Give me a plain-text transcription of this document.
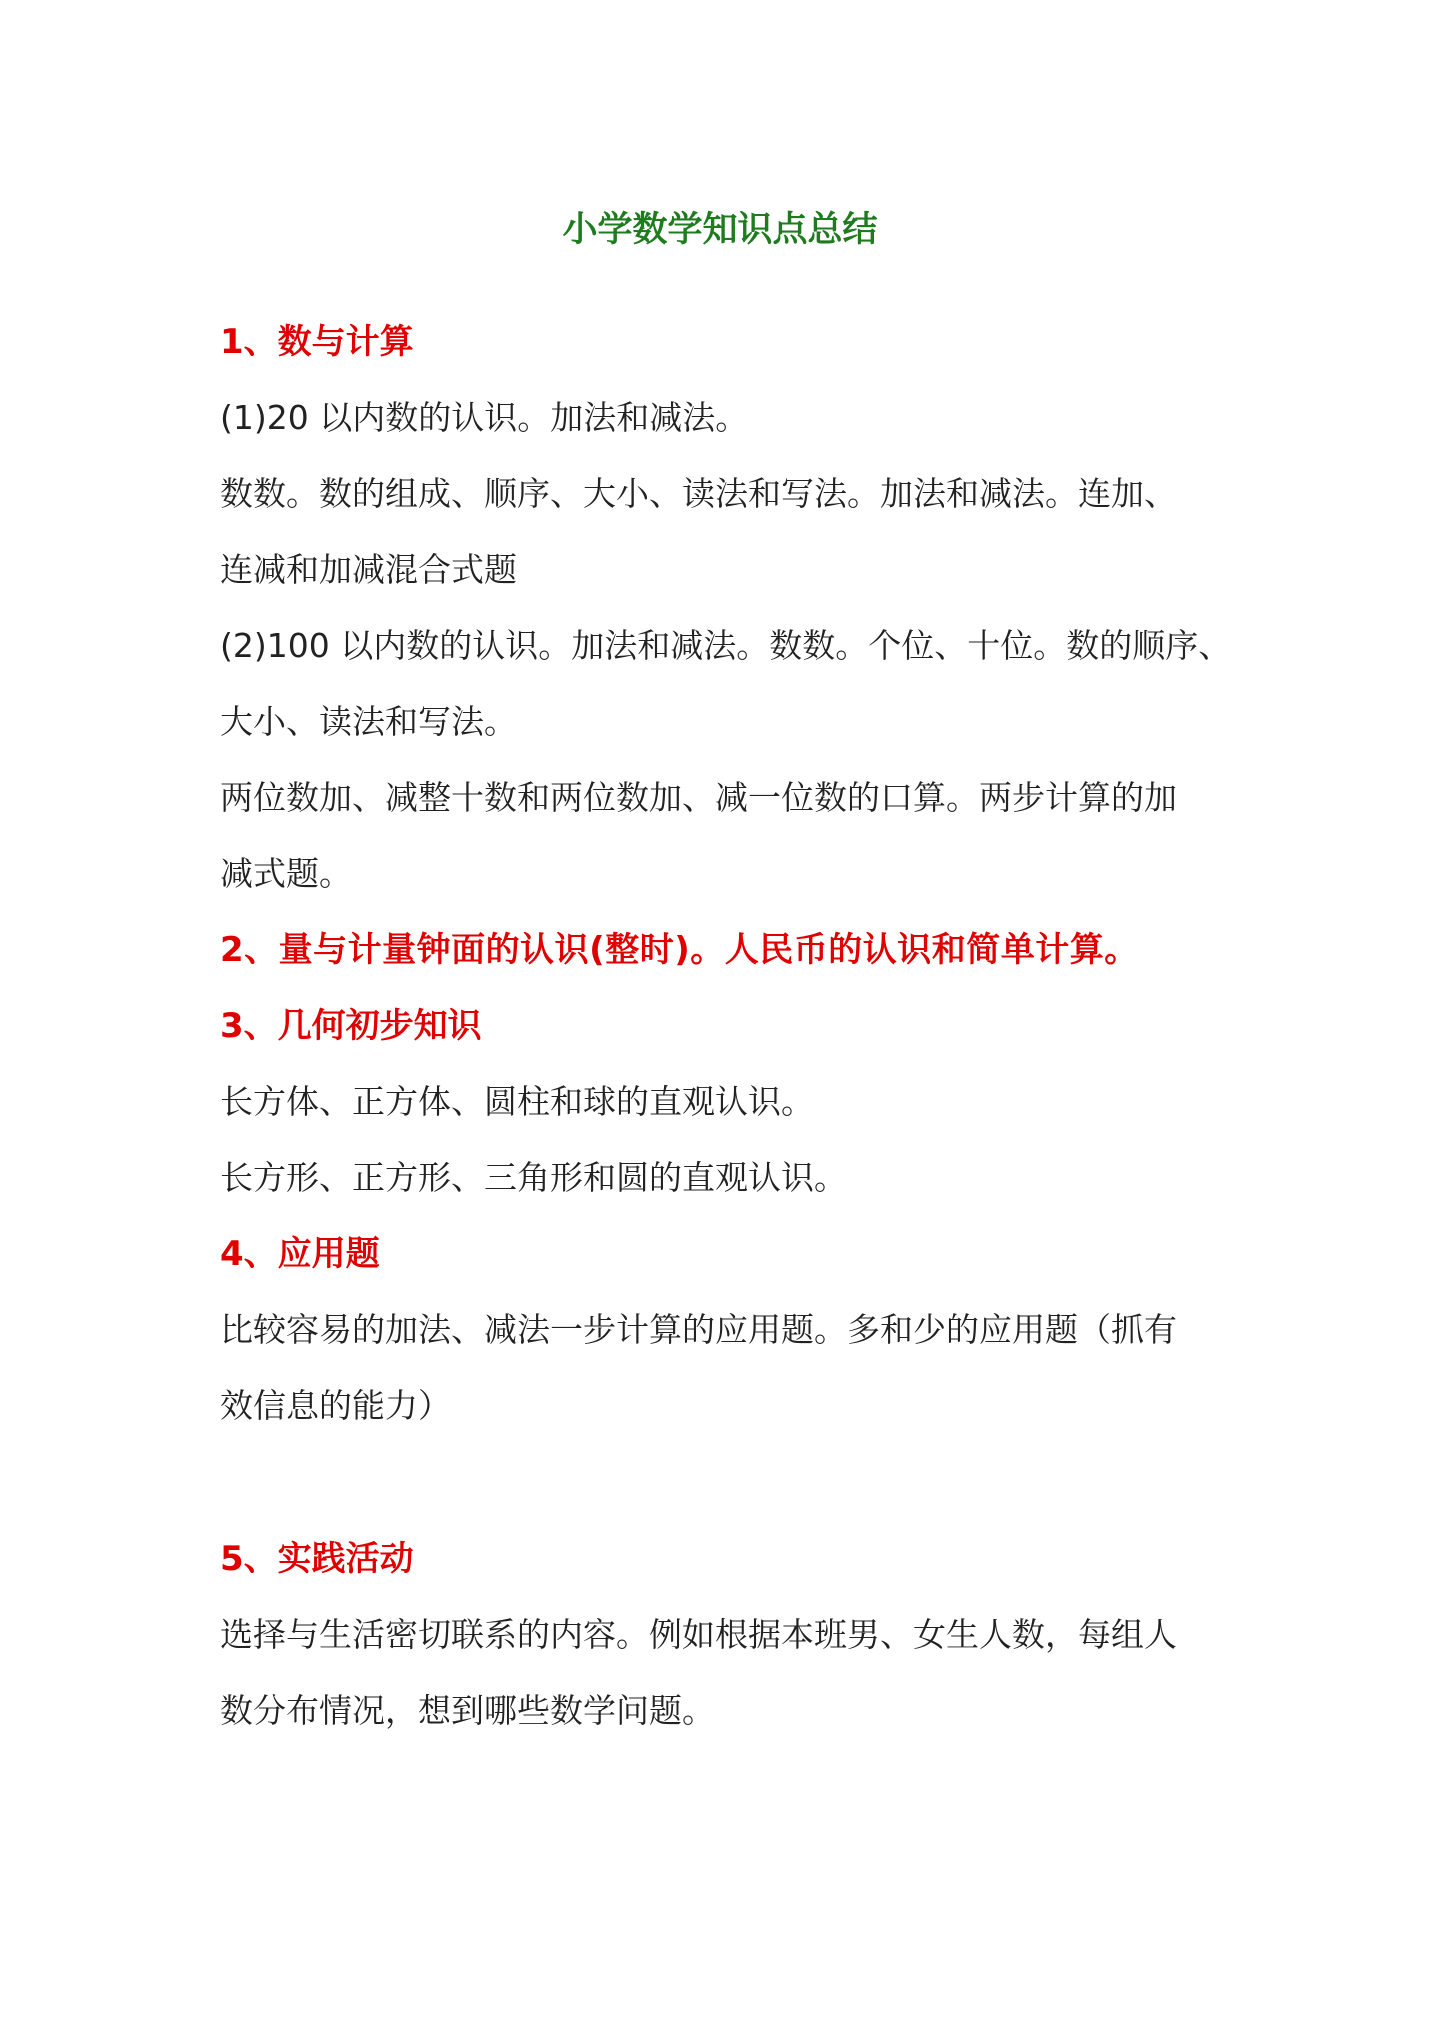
小学数学知识点总结
1、数与计算
(1)20 以内数的认识。加法和减法。
数数。数的组成、顺序、大小、读法和写法。加法和减法。连加、
连减和加减混合式题
(2)100 以内数的认识。加法和减法。数数。个位、十位。数的顺序、
大小、读法和写法。
两位数加、减整十数和两位数加、减一位数的口算。两步计算的加
减式题。
2、量与计量钟面的认识(整时)。人民币的认识和简单计算。
3、几何初步知识
长方体、正方体、圆柱和球的直观认识。
长方形、正方形、三角形和圆的直观认识。
4、应用题
比较容易的加法、减法一步计算的应用题。多和少的应用题（抓有
效信息的能力）
5、实践活动
选择与生活密切联系的内容。例如根据本班男、女生人数，每组人
数分布情况，想到哪些数学问题。
